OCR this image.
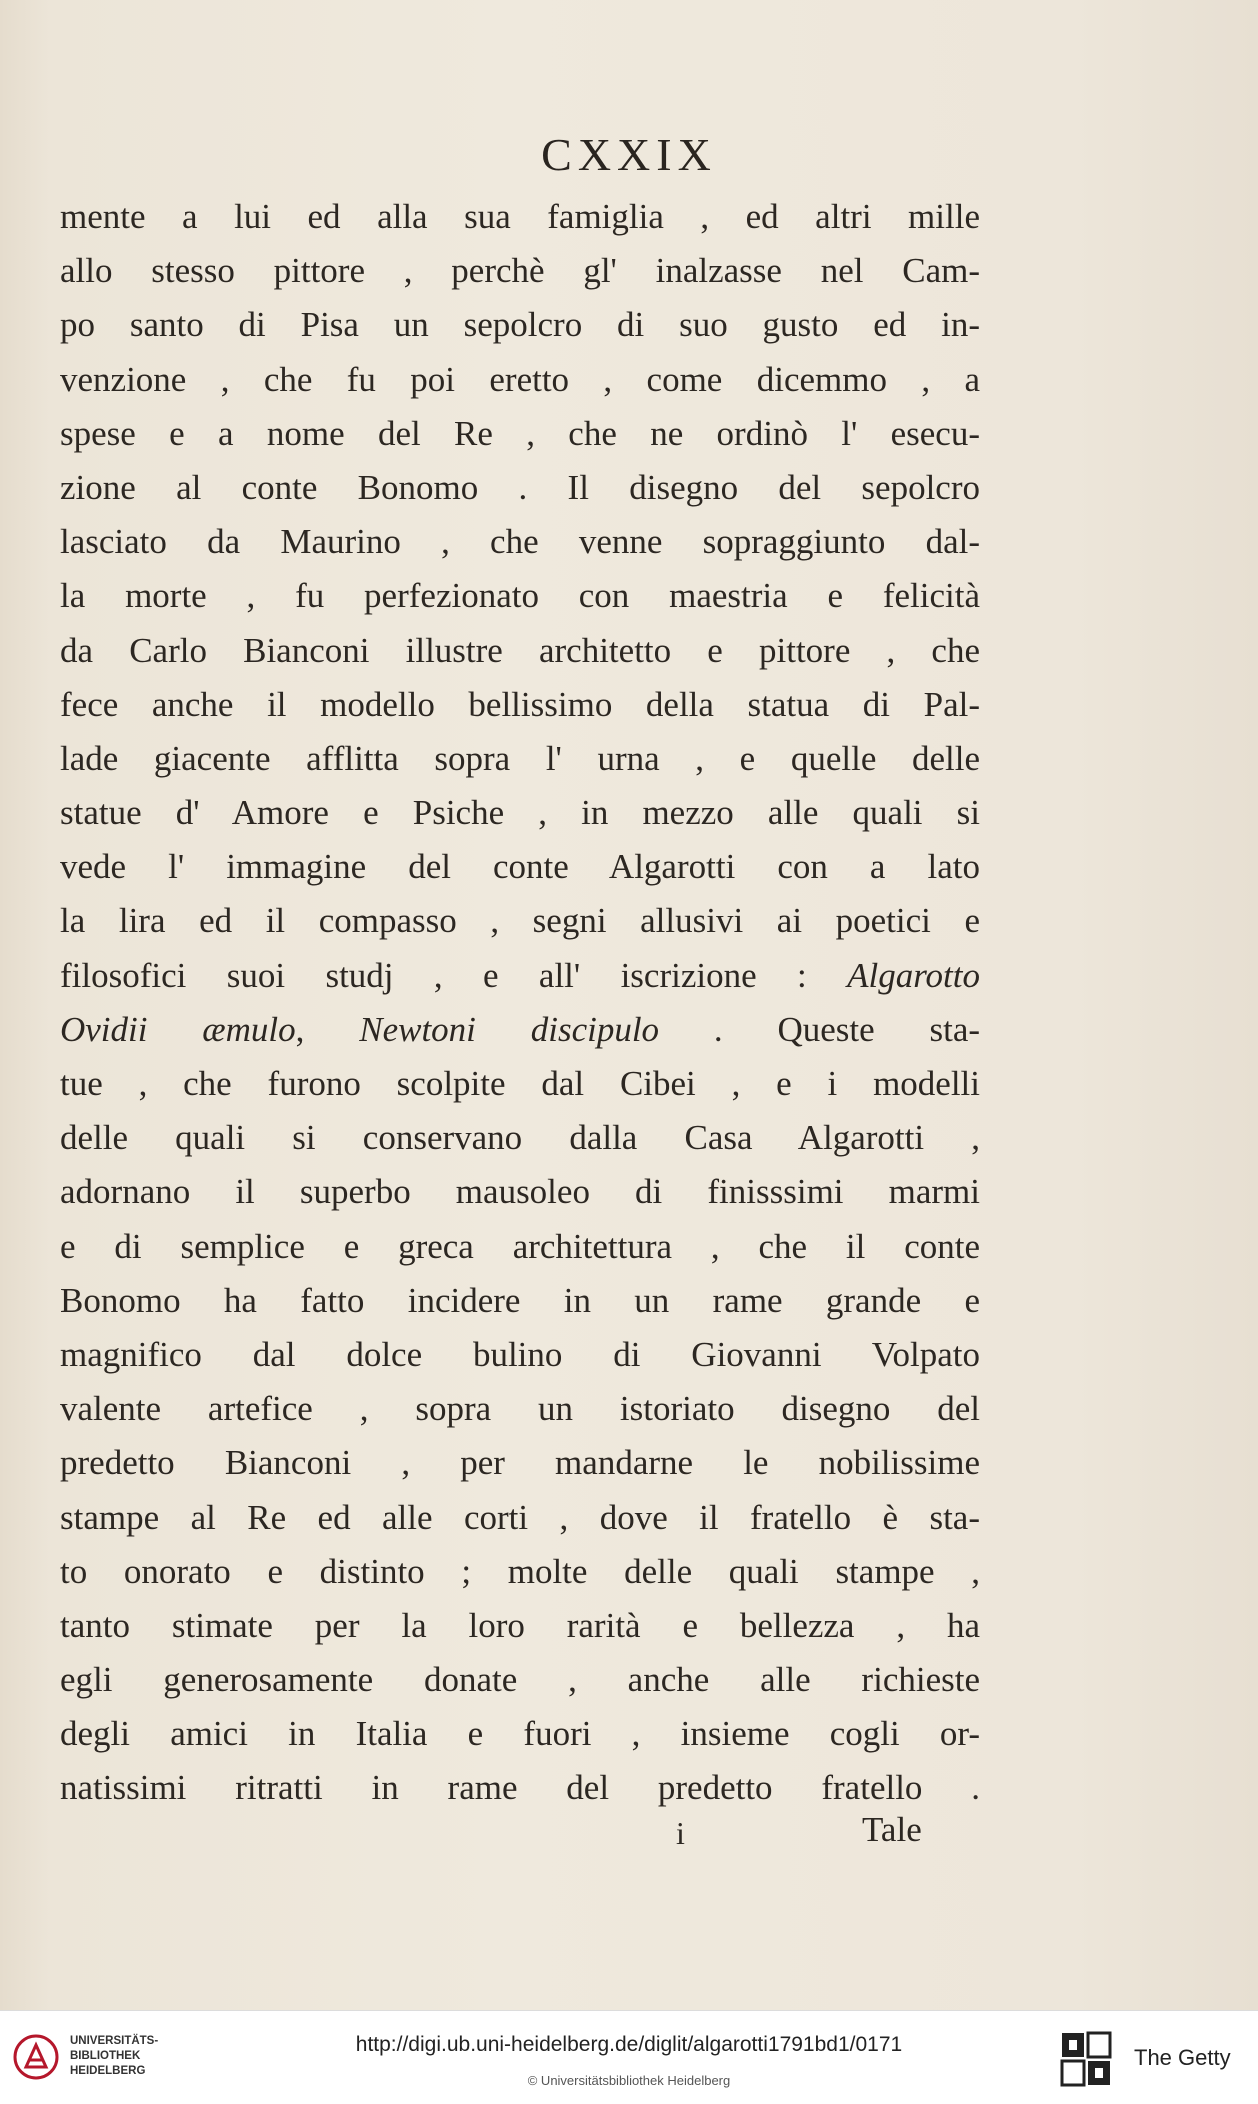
CXXIX
mente a lui ed alla sua famiglia , ed altri mille
allo stesso pittore , perchè gl' inalzasse nel Cam-
po santo di Pisa un sepolcro di suo gusto ed in-
venzione , che fu poi eretto , come dicemmo , a
spese e a nome del Re , che ne ordinò l' esecu-
zione al conte Bonomo . Il disegno del sepolcro
lasciato da Maurino , che venne sopraggiunto dal-
la morte , fu perfezionato con maestria e felicità
da Carlo Bianconi illustre architetto e pittore , che
fece anche il modello bellissimo della statua di Pal-
lade giacente afflitta sopra l' urna , e quelle delle
statue d' Amore e Psiche , in mezzo alle quali si
vede l' immagine del conte Algarotti con a lato
la lira ed il compasso , segni allusivi ai poetici e
filosofici suoi studj , e all' iscrizione : Algarotto
Ovidii æmulo, Newtoni discipulo . Queste sta-
tue , che furono scolpite dal Cibei , e i modelli
delle quali si conservano dalla Casa Algarotti ,
adornano il superbo mausoleo di finisssimi marmi
e di semplice e greca architettura , che il conte
Bonomo ha fatto incidere in un rame grande e
magnifico dal dolce bulino di Giovanni Volpato
valente artefice , sopra un istoriato disegno del
predetto Bianconi , per mandarne le nobilissime
stampe al Re ed alle corti , dove il fratello è sta-
to onorato e distinto ; molte delle quali stampe ,
tanto stimate per la loro rarità e bellezza , ha
egli generosamente donate , anche alle richieste
degli amici in Italia e fuori , insieme cogli or-
natissimi ritratti in rame del predetto fratello .
i	Tale
UNIVERSITÄTS-
BIBLIOTHEK
HEIDELBERG
http://digi.ub.uni-heidelberg.de/diglit/algarotti1791bd1/0171
© Universitätsbibliothek Heidelberg
The Getty
